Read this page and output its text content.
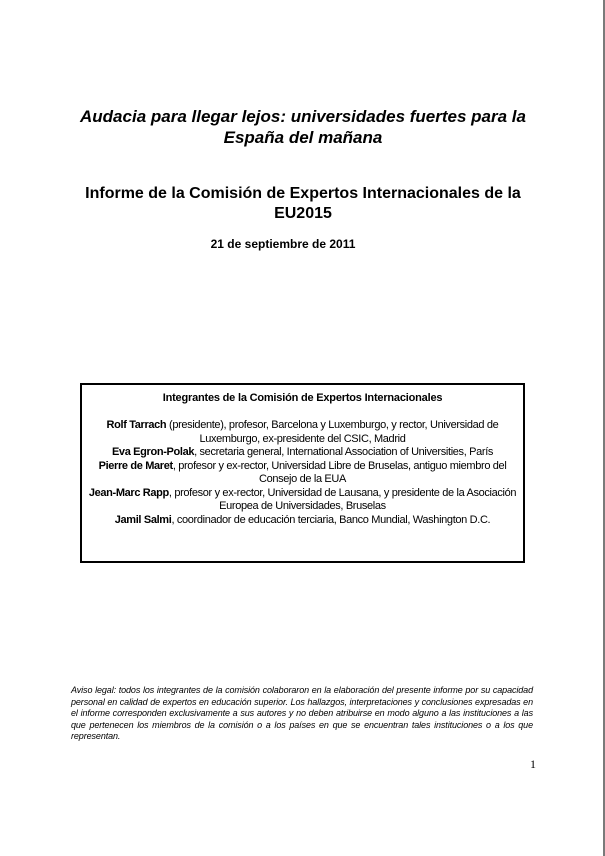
Audacia para llegar lejos: universidades fuertes para la España del mañana
Informe de la Comisión de Expertos Internacionales de la EU2015
21 de septiembre de 2011
Integrantes de la Comisión de Expertos Internacionales
Rolf Tarrach (presidente), profesor, Barcelona y Luxemburgo, y rector, Universidad de Luxemburgo, ex-presidente del CSIC, Madrid
Eva Egron-Polak, secretaria general, International Association of Universities, París
Pierre de Maret, profesor y ex-rector, Universidad Libre de Bruselas, antiguo miembro del Consejo de la EUA
Jean-Marc Rapp, profesor y ex-rector, Universidad de Lausana, y presidente de la Asociación Europea de Universidades, Bruselas
Jamil Salmi, coordinador de educación terciaria, Banco Mundial, Washington D.C.
Aviso legal: todos los integrantes de la comisión colaboraron en la elaboración del presente informe por su capacidad personal en calidad de expertos en educación superior. Los hallazgos, interpretaciones y conclusiones expresadas en el informe corresponden exclusivamente a sus autores y no deben atribuirse en modo alguno a las instituciones a las que pertenecen los miembros de la comisión o a los países en que se encuentran tales instituciones o a los que representan.
1
